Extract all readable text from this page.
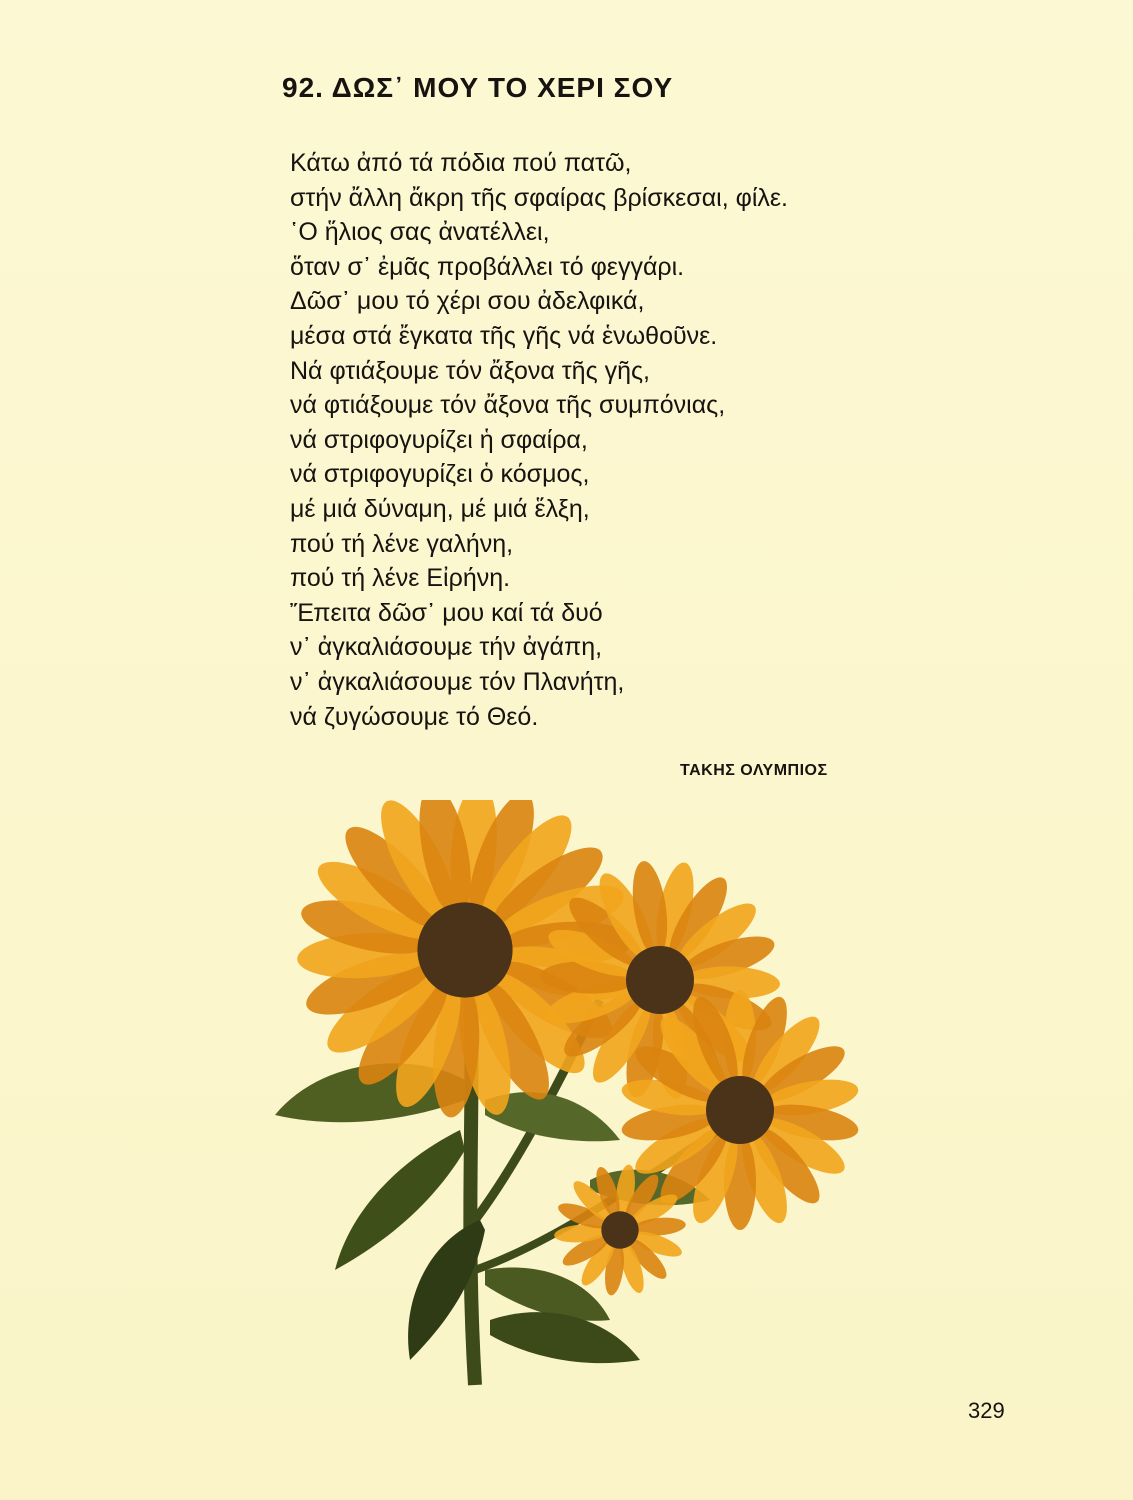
92. ΔΩΣ᾽ ΜΟΥ ΤΟ ΧΕΡΙ ΣΟΥ
Κάτω ἀπό τά πόδια πού πατῶ,
στήν ἄλλη ἄκρη τῆς σφαίρας βρίσκεσαι, φίλε.
῾Ο ἥλιος σας ἀνατέλλει,
ὅταν σ᾽ ἐμᾶς προβάλλει τό φεγγάρι.
Δῶσ᾽ μου τό χέρι σου ἀδελφικά,
μέσα στά ἔγκατα τῆς γῆς νά ἑνωθοῦνε.
Νά φτιάξουμε τόν ἄξονα τῆς γῆς,
νά φτιάξουμε τόν ἄξονα τῆς συμπόνιας,
νά στριφογυρίζει ἡ σφαίρα,
νά στριφογυρίζει ὁ κόσμος,
μέ μιά δύναμη, μέ μιά ἕλξη,
πού τή λένε γαλήνη,
πού τή λένε Εἰρήνη.
Ἔπειτα δῶσ᾽ μου καί τά δυό
ν᾽ ἀγκαλιάσουμε τήν ἀγάπη,
ν᾽ ἀγκαλιάσουμε τόν Πλανήτη,
νά ζυγώσουμε τό Θεό.
ΤΑΚΗΣ ΟΛΥΜΠΙΟΣ
329
